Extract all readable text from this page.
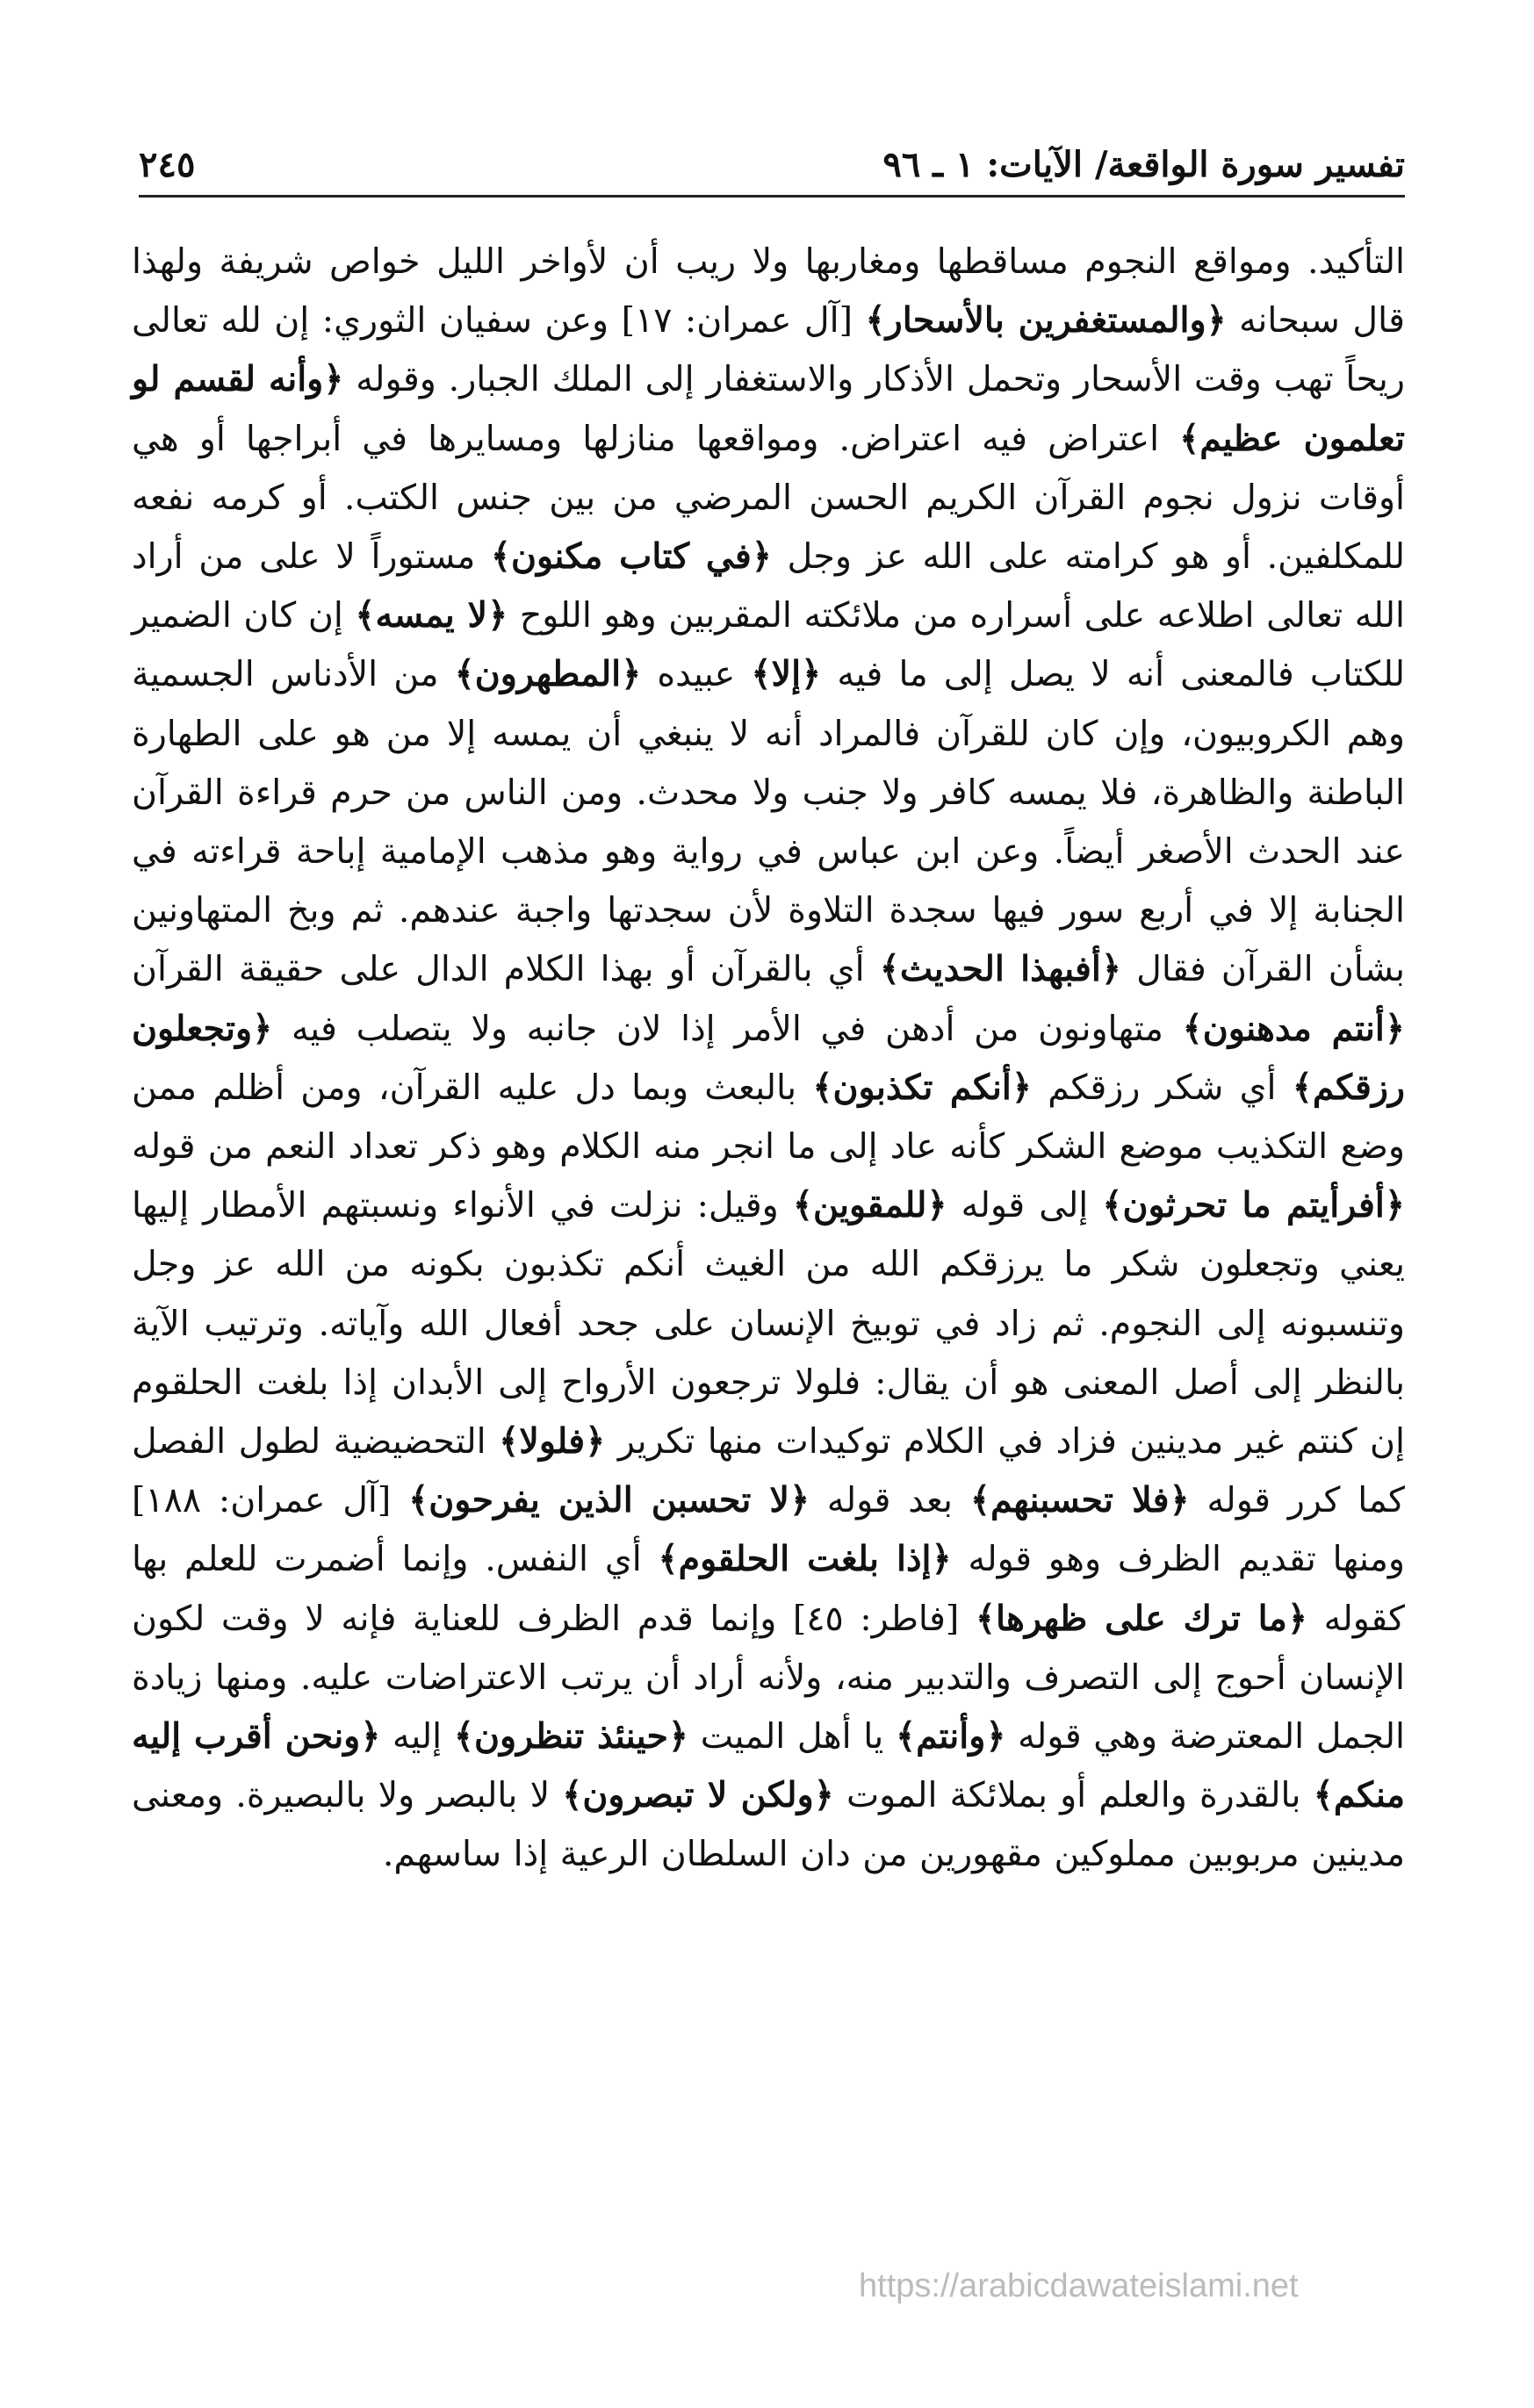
تفسير سورة الواقعة/ الآيات: ١ ـ ٩٦
٢٤٥

التأكيد. ومواقع النجوم مساقطها ومغاربها ولا ريب أن لأواخر الليل خواص شريفة ولهذا قال سبحانه ﴿والمستغفرين بالأسحار﴾ [آل عمران: ١٧] وعن سفيان الثوري: إن لله تعالى ريحاً تهب وقت الأسحار وتحمل الأذكار والاستغفار إلى الملك الجبار. وقوله ﴿وأنه لقسم لو تعلمون عظيم﴾ اعتراض فيه اعتراض. ومواقعها منازلها ومسايرها في أبراجها أو هي أوقات نزول نجوم القرآن الكريم الحسن المرضي من بين جنس الكتب. أو كرمه نفعه للمكلفين. أو هو كرامته على الله عز وجل ﴿في كتاب مكنون﴾ مستوراً لا على من أراد الله تعالى اطلاعه على أسراره من ملائكته المقربين وهو اللوح ﴿لا يمسه﴾ إن كان الضمير للكتاب فالمعنى أنه لا يصل إلى ما فيه ﴿إلا﴾ عبيده ﴿المطهرون﴾ من الأدناس الجسمية وهم الكروبيون، وإن كان للقرآن فالمراد أنه لا ينبغي أن يمسه إلا من هو على الطهارة الباطنة والظاهرة، فلا يمسه كافر ولا جنب ولا محدث. ومن الناس من حرم قراءة القرآن عند الحدث الأصغر أيضاً. وعن ابن عباس في رواية وهو مذهب الإمامية إباحة قراءته في الجنابة إلا في أربع سور فيها سجدة التلاوة لأن سجدتها واجبة عندهم. ثم وبخ المتهاونين بشأن القرآن فقال ﴿أفبهذا الحديث﴾ أي بالقرآن أو بهذا الكلام الدال على حقيقة القرآن ﴿أنتم مدهنون﴾ متهاونون من أدهن في الأمر إذا لان جانبه ولا يتصلب فيه ﴿وتجعلون رزقكم﴾ أي شكر رزقكم ﴿أنكم تكذبون﴾ بالبعث وبما دل عليه القرآن، ومن أظلم ممن وضع التكذيب موضع الشكر كأنه عاد إلى ما انجر منه الكلام وهو ذكر تعداد النعم من قوله ﴿أفرأيتم ما تحرثون﴾ إلى قوله ﴿للمقوين﴾ وقيل: نزلت في الأنواء ونسبتهم الأمطار إليها يعني وتجعلون شكر ما يرزقكم الله من الغيث أنكم تكذبون بكونه من الله عز وجل وتنسبونه إلى النجوم. ثم زاد في توبيخ الإنسان على جحد أفعال الله وآياته. وترتيب الآية بالنظر إلى أصل المعنى هو أن يقال: فلولا ترجعون الأرواح إلى الأبدان إذا بلغت الحلقوم إن كنتم غير مدينين فزاد في الكلام توكيدات منها تكرير ﴿فلولا﴾ التحضيضية لطول الفصل كما كرر قوله ﴿فلا تحسبنهم﴾ بعد قوله ﴿لا تحسبن الذين يفرحون﴾ [آل عمران: ١٨٨] ومنها تقديم الظرف وهو قوله ﴿إذا بلغت الحلقوم﴾ أي النفس. وإنما أضمرت للعلم بها كقوله ﴿ما ترك على ظهرها﴾ [فاطر: ٤٥] وإنما قدم الظرف للعناية فإنه لا وقت لكون الإنسان أحوج إلى التصرف والتدبير منه، ولأنه أراد أن يرتب الاعتراضات عليه. ومنها زيادة الجمل المعترضة وهي قوله ﴿وأنتم﴾ يا أهل الميت ﴿حينئذ تنظرون﴾ إليه ﴿ونحن أقرب إليه منكم﴾ بالقدرة والعلم أو بملائكة الموت ﴿ولكن لا تبصرون﴾ لا بالبصر ولا بالبصيرة. ومعنى مدينين مربوبين مملوكين مقهورين من دان السلطان الرعية إذا ساسهم.

https://arabicdawateislami.net
